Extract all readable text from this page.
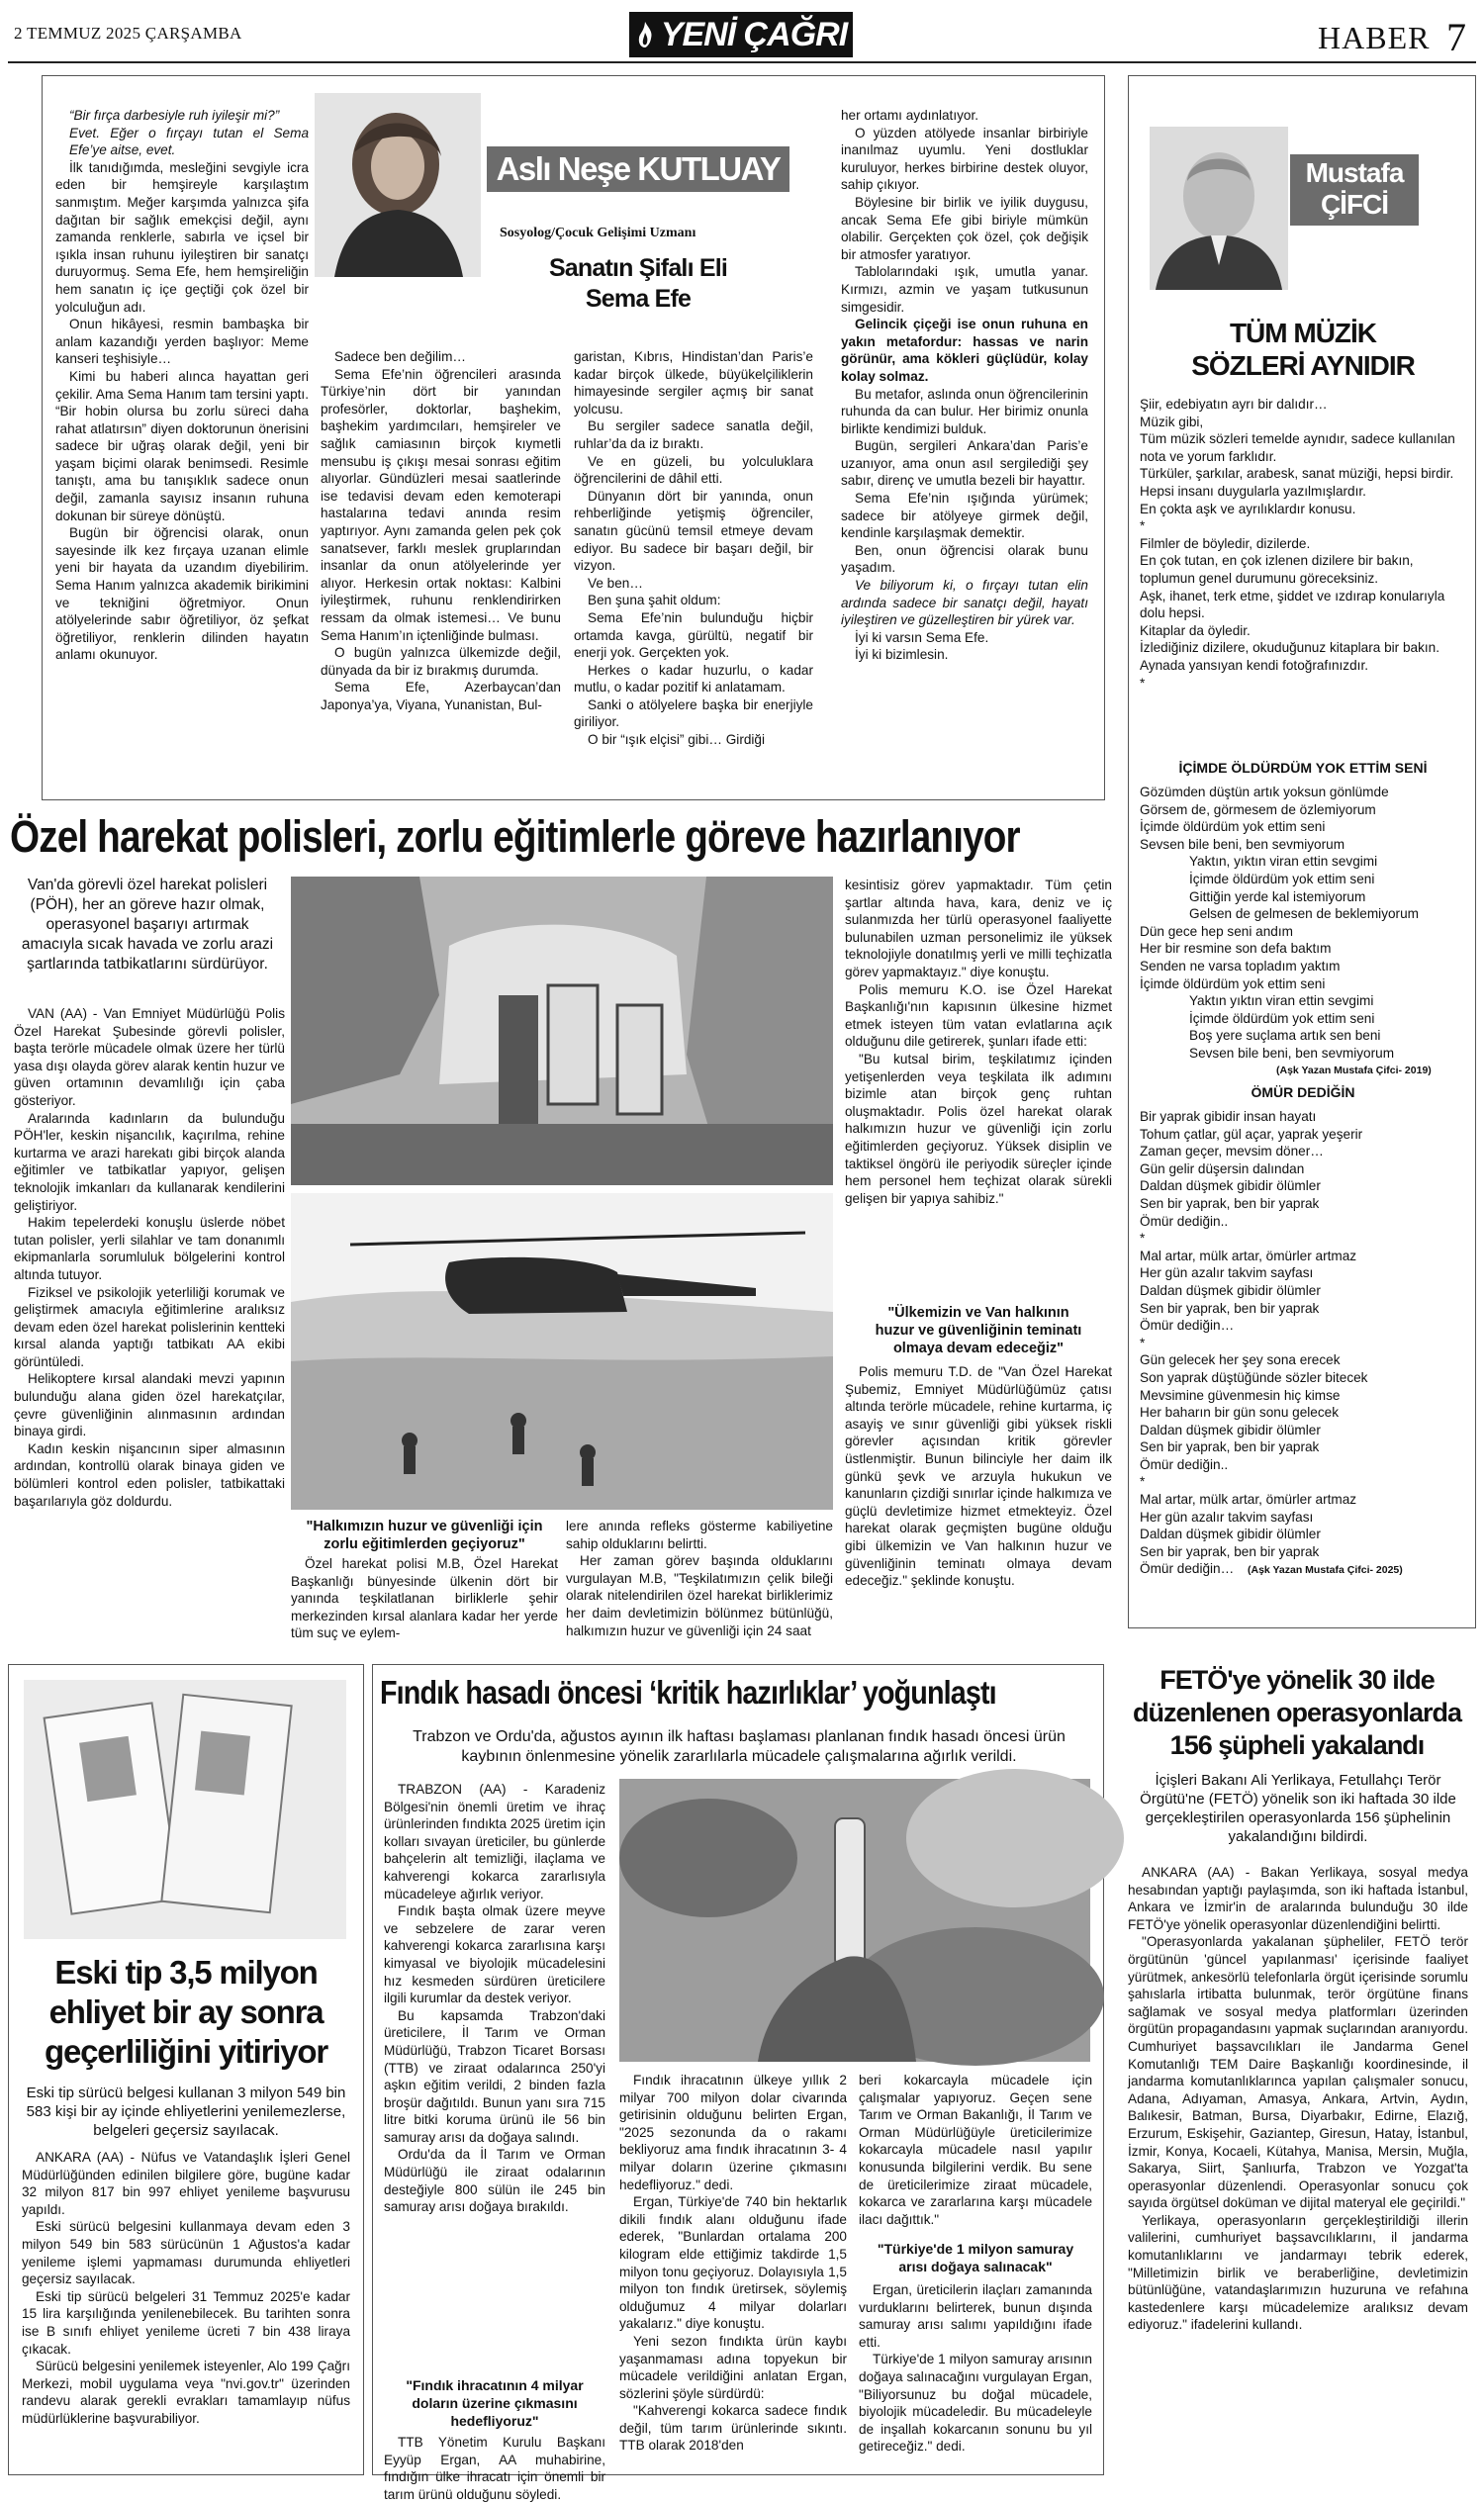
2 TEMMUZ 2025 ÇARŞAMBA	YENİ ÇAĞRI	HABER 7

“Bir fırça darbesiyle ruh iyileşir mi?”

Evet. Eğer o fırçayı tutan el Sema Efe’ye aitse, evet.

İlk tanıdığımda, mesleğini sevgiyle icra eden bir hemşireyle karşılaştım sanmıştım. Meğer karşımda yalnızca şifa dağıtan bir sağlık emekçisi değil, aynı zamanda renklerle, sabırla ve içsel bir ışıkla insan ruhunu iyileştiren bir sanatçı duruyormuş. Sema Efe, hem hemşireliğin hem sanatın iç içe geçtiği çok özel bir yolculuğun adı.

Onun hikâyesi, resmin bambaşka bir anlam kazandığı yerden başlıyor: Meme kanseri teşhisiyle…

Kimi bu haberi alınca hayattan geri çekilir. Ama Sema Hanım tam tersini yaptı. “Bir hobin olursa bu zorlu süreci daha rahat atlatırsın” diyen doktorunun önerisini sadece bir uğraş olarak değil, yeni bir yaşam biçimi olarak benimsedi. Resimle tanıştı, ama bu tanışıklık sadece onun değil, zamanla sayısız insanın ruhuna dokunan bir süreye dönüştü.

Bugün bir öğrencisi olarak, onun sayesinde ilk kez fırçaya uzanan elimle yeni bir hayata da uzandım diyebilirim. Sema Hanım yalnızca akademik birikimini ve tekniğini öğretmiyor. Onun atölyelerinde sabır öğretiliyor, öz şefkat öğretiliyor, renklerin dilinden hayatın anlamı okunuyor.

Aslı Neşe KUTLUAY
Sosyolog/Çocuk Gelişimi Uzmanı
Sanatın Şifalı Eli
Sema Efe

Sadece ben değilim…

Sema Efe’nin öğrencileri arasında Türkiye’nin dört bir yanından profesörler, doktorlar, başhekim, başhekim yardımcıları, hemşireler ve sağlık camiasının birçok kıymetli mensubu iş çıkışı mesai sonrası eğitim alıyorlar. Gündüzleri mesai saatlerinde ise tedavisi devam eden kemoterapi hastalarına tedavi anında resim yaptırıyor. Aynı zamanda gelen pek çok sanatsever, farklı meslek gruplarından insanlar da onun atölyelerinde yer alıyor. Herkesin ortak noktası: Kalbini iyileştirmek, ruhunu renklendirirken ressam da olmak istemesi… Ve bunu Sema Hanım’ın içtenliğinde bulması.

O bugün yalnızca ülkemizde değil, dünyada da bir iz bırakmış durumda.

Sema Efe, Azerbaycan’dan Japonya’ya, Viyana, Yunanistan, Bul-

garistan, Kıbrıs, Hindistan’dan Paris’e kadar birçok ülkede, büyükelçiliklerin himayesinde sergiler açmış bir sanat yolcusu.

Bu sergiler sadece sanatla değil, ruhlar’da da iz bıraktı.

Ve en güzeli, bu yolculuklara öğrencilerini de dâhil etti.

Dünyanın dört bir yanında, onun rehberliğinde yetişmiş öğrenciler, sanatın gücünü temsil etmeye devam ediyor. Bu sadece bir başarı değil, bir vizyon.

Ve ben…

Ben şuna şahit oldum:

Sema Efe’nin bulunduğu hiçbir ortamda kavga, gürültü, negatif bir enerji yok. Gerçekten yok.

Herkes o kadar huzurlu, o kadar mutlu, o kadar pozitif ki anlatamam.

Sanki o atölyelere başka bir enerjiyle giriliyor.

O bir “ışık elçisi” gibi… Girdiği

her ortamı aydınlatıyor.

O yüzden atölyede insanlar birbiriyle inanılmaz uyumlu. Yeni dostluklar kuruluyor, herkes birbirine destek oluyor, sahip çıkıyor.

Böylesine bir birlik ve iyilik duygusu, ancak Sema Efe gibi biriyle mümkün olabilir. Gerçekten çok özel, çok değişik bir atmosfer yaratıyor.

Tablolarındaki ışık, umutla yanar. Kırmızı, azmin ve yaşam tutkusunun simgesidir.

Gelincik çiçeği ise onun ruhuna en yakın metafordur: hassas ve narin görünür, ama kökleri güçlüdür, kolay kolay solmaz.

Bu metafor, aslında onun öğrencilerinin ruhunda da can bulur. Her birimiz onunla birlikte kendimizi bulduk.

Bugün, sergileri Ankara’dan Paris’e uzanıyor, ama onun asıl sergilediği şey sabır, direnç ve umutla bezeli bir hayattır.

Sema Efe’nin ışığında yürümek; sadece bir atölyeye girmek değil, kendinle karşılaşmak demektir.

Ben, onun öğrencisi olarak bunu yaşadım.

Ve biliyorum ki, o fırçayı tutan elin ardında sadece bir sanatçı değil, hayatı iyileştiren ve güzelleştiren bir yürek var.

İyi ki varsın Sema Efe.

İyi ki bizimlesin.

Mustafa
ÇİFCİ
TÜM MÜZİK
SÖZLERİ AYNIDIR
Şiir, edebiyatın ayrı bir dalıdır…
Müzik gibi,
Tüm müzik sözleri temelde aynıdır, sadece kullanılan nota ve yorum farklıdır.
Türküler, şarkılar, arabesk, sanat müziği, hepsi birdir.
Hepsi insanı duygularla yazılmışlardır.
En çokta aşk ve ayrılıklardır konusu.
*
Filmler de böyledir, dizilerde.
En çok tutan, en çok izlenen dizilere bir bakın, toplumun genel durumunu göreceksiniz.
Aşk, ihanet, terk etme, şiddet ve ızdırap konularıyla dolu hepsi.
Kitaplar da öyledir.
İzlediğiniz dizilere, okuduğunuz kitaplara bir bakın.
Aynada yansıyan kendi fotoğrafınızdır.
*
İÇİMDE ÖLDÜRDÜM YOK ETTİM SENİ
Gözümden düştün artık yoksun gönlümde
Görsem de, görmesem de özlemiyorum
İçimde öldürdüm yok ettim seni
Sevsen bile beni, ben sevmiyorum
Yaktın, yıktın viran ettin sevgimi
İçimde öldürdüm yok ettim seni
Gittiğin yerde kal istemiyorum
Gelsen de gelmesen de beklemiyorum
Dün gece hep seni andım
Her bir resmine son defa baktım
Senden ne varsa topladım yaktım
İçimde öldürdüm yok ettim seni
Yaktın yıktın viran ettin sevgimi
İçimde öldürdüm yok ettim seni
Boş yere suçlama artık sen beni
Sevsen bile beni, ben sevmiyorum
(Aşk Yazan Mustafa Çifci- 2019)
ÖMÜR DEDİĞİN
Bir yaprak gibidir insan hayatı
Tohum çatlar, gül açar, yaprak yeşerir
Zaman geçer, mevsim döner…
Gün gelir düşersin dalından
Daldan düşmek gibidir ölümler
Sen bir yaprak, ben bir yaprak
Ömür dediğin..
*
Mal artar, mülk artar, ömürler artmaz
Her gün azalır takvim sayfası
Daldan düşmek gibidir ölümler
Sen bir yaprak, ben bir yaprak
Ömür dediğin…
*
Gün gelecek her şey sona erecek
Son yaprak düştüğünde sözler bitecek
Mevsimine güvenmesin hiç kimse
Her baharın bir gün sonu gelecek
Daldan düşmek gibidir ölümler
Sen bir yaprak, ben bir yaprak
Ömür dediğin..
*
Mal artar, mülk artar, ömürler artmaz
Her gün azalır takvim sayfası
Daldan düşmek gibidir ölümler
Sen bir yaprak, ben bir yaprak
Ömür dediğin… (Aşk Yazan Mustafa Çifci- 2025)
Özel harekat polisleri, zorlu eğitimlerle göreve hazırlanıyor
Van'da görevli özel harekat polisleri (PÖH), her an göreve hazır olmak, operasyonel başarıyı artırmak amacıyla sıcak havada ve zorlu arazi şartlarında tatbikatlarını sürdürüyor.

VAN (AA) - Van Emniyet Müdürlüğü Polis Özel Harekat Şubesinde görevli polisler, başta terörle mücadele olmak üzere her türlü yasa dışı olayda görev alarak kentin huzur ve güven ortamının devamlılığı için çaba gösteriyor.

Aralarında kadınların da bulunduğu PÖH'ler, keskin nişancılık, kaçırılma, rehine kurtarma ve arazi harekatı gibi birçok alanda eğitimler ve tatbikatlar yapıyor, gelişen teknolojik imkanları da kullanarak kendilerini geliştiriyor.

Hakim tepelerdeki konuşlu üslerde nöbet tutan polisler, yerli silahlar ve tam donanımlı ekipmanlarla sorumluluk bölgelerini kontrol altında tutuyor.

Fiziksel ve psikolojik yeterliliği korumak ve geliştirmek amacıyla eğitimlerine aralıksız devam eden özel harekat polislerinin kentteki kırsal alanda yaptığı tatbikatı AA ekibi görüntüledi.

Helikoptere kırsal alandaki mevzi yapının bulunduğu alana giden özel harekatçılar, çevre güvenliğinin alınmasının ardından binaya girdi.

Kadın keskin nişancının siper almasının ardından, kontrollü olarak binaya giden ve bölümleri kontrol eden polisler, tatbikattaki başarılarıyla göz doldurdu.

"Halkımızın huzur ve güvenliği için
zorlu eğitimlerden geçiyoruz"

Özel harekat polisi M.B, Özel Harekat Başkanlığı bünyesinde ülkenin dört bir yanında teşkilatlanan birliklerle şehir merkezinden kırsal alanlara kadar her yerde tüm suç ve eylem-

lere anında refleks gösterme kabiliyetine sahip olduklarını belirtti.

Her zaman görev başında olduklarını vurgulayan M.B, "Teşkilatımızın çelik bileği olarak nitelendirilen özel harekat birliklerimiz her daim devletimizin bölünmez bütünlüğü, halkımızın huzur ve güvenliği için 24 saat

kesintisiz görev yapmaktadır. Tüm çetin şartlar altında hava, kara, deniz ve iç sulanmızda her türlü operasyonel faaliyette bulunabilen uzman personelimiz ile yüksek teknolojiyle donatılmış yerli ve milli teçhizatla görev yapmaktayız." diye konuştu.

Polis memuru K.O. ise Özel Harekat Başkanlığı'nın kapısının ülkesine hizmet etmek isteyen tüm vatan evlatlarına açık olduğunu dile getirerek, şunları ifade etti:

"Bu kutsal birim, teşkilatımız içinden yetişenlerden veya teşkilata ilk adımını bizimle atan birçok genç ruhtan oluşmaktadır. Polis özel harekat olarak halkımızın huzur ve güvenliği için zorlu eğitimlerden geçiyoruz. Yüksek disiplin ve taktiksel öngörü ile periyodik süreçler içinde hem personel hem teçhizat olarak sürekli gelişen bir yapıya sahibiz."

"Ülkemizin ve Van halkının
huzur ve güvenliğinin teminatı
olmaya devam edeceğiz"

Polis memuru T.D. de "Van Özel Harekat Şubemiz, Emniyet Müdürlüğümüz çatısı altında terörle mücadele, rehine kurtarma, iç asayiş ve sınır güvenliği gibi yüksek riskli görevler açısından kritik görevler üstlenmiştir. Bunun bilinciyle her daim ilk günkü şevk ve arzuyla hukukun ve kanunların çizdiği sınırlar içinde halkımıza ve güçlü devletimize hizmet etmekteyiz. Özel harekat olarak geçmişten bugüne olduğu gibi ülkemizin ve Van halkının huzur ve güvenliğinin teminatı olmaya devam edeceğiz." şeklinde konuştu.

Eski tip 3,5 milyon
ehliyet bir ay sonra
geçerliliğini yitiriyor
Eski tip sürücü belgesi kullanan 3 milyon 549 bin 583 kişi bir ay içinde ehliyetlerini yenilemezlerse, belgeleri geçersiz sayılacak.

ANKARA (AA) - Nüfus ve Vatandaşlık İşleri Genel Müdürlüğünden edinilen bilgilere göre, bugüne kadar 32 milyon 817 bin 997 ehliyet yenileme başvurusu yapıldı.

Eski sürücü belgesini kullanmaya devam eden 3 milyon 549 bin 583 sürücünün 1 Ağustos'a kadar yenileme işlemi yapmaması durumunda ehliyetleri geçersiz sayılacak.

Eski tip sürücü belgeleri 31 Temmuz 2025'e kadar 15 lira karşılığında yenilenebilecek. Bu tarihten sonra ise B sınıfı ehliyet yenileme ücreti 7 bin 438 liraya çıkacak.

Sürücü belgesini yenilemek isteyenler, Alo 199 Çağrı Merkezi, mobil uygulama veya "nvi.gov.tr" üzerinden randevu alarak gerekli evrakları tamamlayıp nüfus müdürlüklerine başvurabiliyor.

Fındık hasadı öncesi ‘kritik hazırlıklar’ yoğunlaştı
Trabzon ve Ordu'da, ağustos ayının ilk haftası başlaması planlanan fındık hasadı öncesi ürün kaybının önlenmesine yönelik zararlılarla mücadele çalışmalarına ağırlık verildi.

TRABZON (AA) - Karadeniz Bölgesi'nin önemli üretim ve ihraç ürünlerinden fındıkta 2025 üretim için kolları sıvayan üreticiler, bu günlerde bahçelerin alt temizliği, ilaçlama ve kahverengi kokarca zararlısıyla mücadeleye ağırlık veriyor.

Fındık başta olmak üzere meyve ve sebzelere de zarar veren kahverengi kokarca zararlısına karşı kimyasal ve biyolojik mücadelesini hız kesmeden sürdüren üreticilere ilgili kurumlar da destek veriyor.

Bu kapsamda Trabzon'daki üreticilere, İl Tarım ve Orman Müdürlüğü, Trabzon Ticaret Borsası (TTB) ve ziraat odalarınca 250'yi aşkın eğitim verildi, 2 binden fazla broşür dağıtıldı. Bunun yanı sıra 715 litre bitki koruma ürünü ile 56 bin samuray arısı da doğaya salındı.

Ordu'da da İl Tarım ve Orman Müdürlüğü ile ziraat odalarının desteğiyle 800 sülün ile 245 bin samuray arısı doğaya bırakıldı.

"Fındık ihracatının 4 milyar
doların üzerine çıkmasını
hedefliyoruz"

TTB Yönetim Kurulu Başkanı Eyyüp Ergan, AA muhabirine, fındığın ülke ihracatı için önemli bir tarım ürünü olduğunu söyledi.

Fındık ihracatının ülkeye yıllık 2 milyar 700 milyon dolar civarında getirisinin olduğunu belirten Ergan, "2025 sezonunda da o rakamı bekliyoruz ama fındık ihracatının 3- 4 milyar doların üzerine çıkmasını hedefliyoruz." dedi.

Ergan, Türkiye'de 740 bin hektarlık dikili fındık alanı olduğunu ifade ederek, "Bunlardan ortalama 200 kilogram elde ettiğimiz takdirde 1,5 milyon tonu geçiyoruz. Dolayısıyla 1,5 milyon ton fındık üretirsek, söylemiş olduğumuz 4 milyar dolarları yakalarız." diye konuştu.

Yeni sezon fındıkta ürün kaybı yaşanmaması adına topyekun bir mücadele verildiğini anlatan Ergan, sözlerini şöyle sürdürdü:

"Kahverengi kokarca sadece fındık değil, tüm tarım ürünlerinde sıkıntı. TTB olarak 2018'den

beri kokarcayla mücadele için çalışmalar yapıyoruz. Geçen sene Tarım ve Orman Bakanlığı, İl Tarım ve Orman Müdürlüğüyle üreticilerimize kokarcayla mücadele nasıl yapılır konusunda bilgilerini verdik. Bu sene de üreticilerimize ziraat mücadele, kokarca ve zararlarına karşı mücadele ilacı dağıttık."

"Türkiye'de 1 milyon samuray
arısı doğaya salınacak"

Ergan, üreticilerin ilaçları zamanında vurduklarını belirterek, bunun dışında samuray arısı salımı yapıldığını ifade etti.

Türkiye'de 1 milyon samuray arısının doğaya salınacağını vurgulayan Ergan, "Biliyorsunuz bu doğal mücadele, biyolojik mücadeledir. Bu mücadeleyle de inşallah kokarcanın sonunu bu yıl getireceğiz." dedi.

FETÖ'ye yönelik 30 ilde
düzenlenen operasyonlarda
156 şüpheli yakalandı
İçişleri Bakanı Ali Yerlikaya, Fetullahçı Terör Örgütü'ne (FETÖ) yönelik son iki haftada 30 ilde gerçekleştirilen operasyonlarda 156 şüphelinin yakalandığını bildirdi.

ANKARA (AA) - Bakan Yerlikaya, sosyal medya hesabından yaptığı paylaşımda, son iki haftada İstanbul, Ankara ve İzmir'in de aralarında bulunduğu 30 ilde FETÖ'ye yönelik operasyonlar düzenlendiğini belirtti.

"Operasyonlarda yakalanan şüpheliler, FETÖ terör örgütünün 'güncel yapılanması' içerisinde faaliyet yürütmek, ankesörlü telefonlarla örgüt içerisinde sorumlu şahıslarla irtibatta bulunmak, terör örgütüne finans sağlamak ve sosyal medya platformları üzerinden örgütün propagandasını yapmak suçlarından aranıyordu. Cumhuriyet başsavcılıkları ile Jandarma Genel Komutanlığı TEM Daire Başkanlığı koordinesinde, il jandarma komutanlıklarınca yapılan çalışmaler sonucu, Adana, Adıyaman, Amasya, Ankara, Artvin, Aydın, Balıkesir, Batman, Bursa, Diyarbakır, Edirne, Elazığ, Erzurum, Eskişehir, Gaziantep, Giresun, Hatay, İstanbul, İzmir, Konya, Kocaeli, Kütahya, Manisa, Mersin, Muğla, Sakarya, Siirt, Şanlıurfa, Trabzon ve Yozgat'ta operasyonlar düzenlendi. Operasyonlar sonucu çok sayıda örgütsel doküman ve dijital materyal ele geçirildi."

Yerlikaya, operasyonların gerçekleştirildiği illerin valilerini, cumhuriyet başsavcılıklarını, il jandarma komutanlıklarını ve jandarmayı tebrik ederek, "Milletimizin birlik ve beraberliğine, devletimizin bütünlüğüne, vatandaşlarımızın huzuruna ve refahına kastedenlere karşı mücadelemize aralıksız devam ediyoruz." ifadelerini kullandı.
